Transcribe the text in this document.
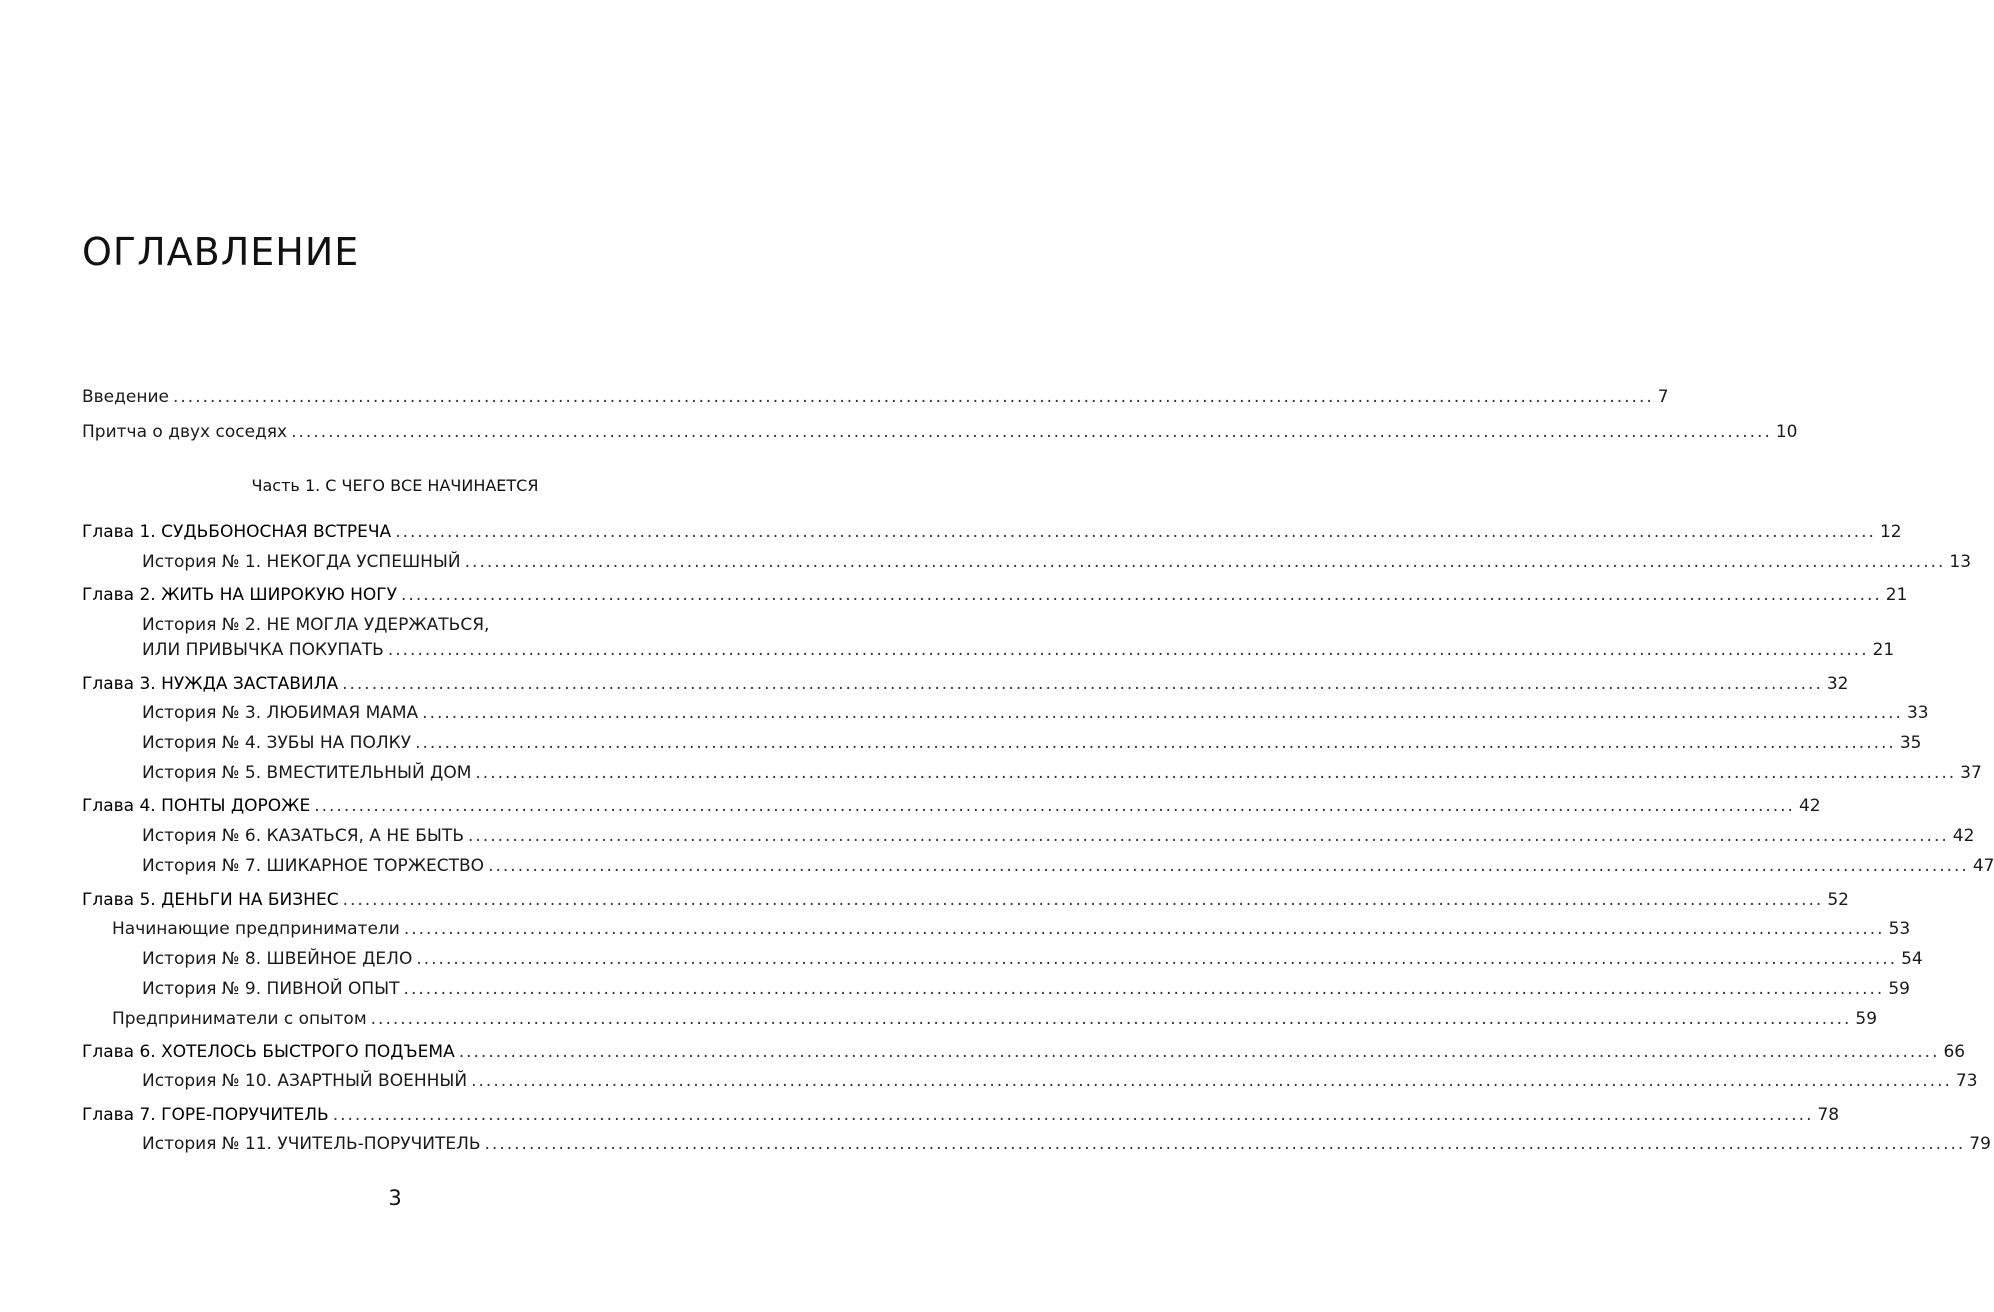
ОГЛАВЛЕНИЕ
Введение ........................................................................................................................................................................................................ 7
Притча о двух соседях ........................................................................................................................................................................................................ 10
Часть 1. С ЧЕГО ВСЕ НАЧИНАЕТСЯ
Глава 1. СУДЬБОНОСНАЯ ВСТРЕЧА ........................................................................................................................................................................................................ 12
История № 1. НЕКОГДА УСПЕШНЫЙ ........................................................................................................................................................................................................ 13
Глава 2. ЖИТЬ НА ШИРОКУЮ НОГУ ........................................................................................................................................................................................................ 21
История № 2. НЕ МОГЛА УДЕРЖАТЬСЯ,
ИЛИ ПРИВЫЧКА ПОКУПАТЬ ........................................................................................................................................................................................................ 21
Глава 3. НУЖДА ЗАСТАВИЛА ........................................................................................................................................................................................................ 32
История № 3. ЛЮБИМАЯ МАМА ........................................................................................................................................................................................................ 33
История № 4. ЗУБЫ НА ПОЛКУ ........................................................................................................................................................................................................ 35
История № 5. ВМЕСТИТЕЛЬНЫЙ ДОМ ........................................................................................................................................................................................................ 37
Глава 4. ПОНТЫ ДОРОЖЕ ........................................................................................................................................................................................................ 42
История № 6. КАЗАТЬСЯ, А НЕ БЫТЬ ........................................................................................................................................................................................................ 42
История № 7. ШИКАРНОЕ ТОРЖЕСТВО ........................................................................................................................................................................................................ 47
Глава 5. ДЕНЬГИ НА БИЗНЕС ........................................................................................................................................................................................................ 52
Начинающие предприниматели ........................................................................................................................................................................................................ 53
История № 8. ШВЕЙНОЕ ДЕЛО ........................................................................................................................................................................................................ 54
История № 9. ПИВНОЙ ОПЫТ ........................................................................................................................................................................................................ 59
Предприниматели с опытом ........................................................................................................................................................................................................ 59
Глава 6. ХОТЕЛОСЬ БЫСТРОГО ПОДЪЕМА ........................................................................................................................................................................................................ 66
История № 10. АЗАРТНЫЙ ВОЕННЫЙ ........................................................................................................................................................................................................ 73
Глава 7. ГОРЕ-ПОРУЧИТЕЛЬ ........................................................................................................................................................................................................ 78
История № 11. УЧИТЕЛЬ-ПОРУЧИТЕЛЬ ........................................................................................................................................................................................................ 79
3
